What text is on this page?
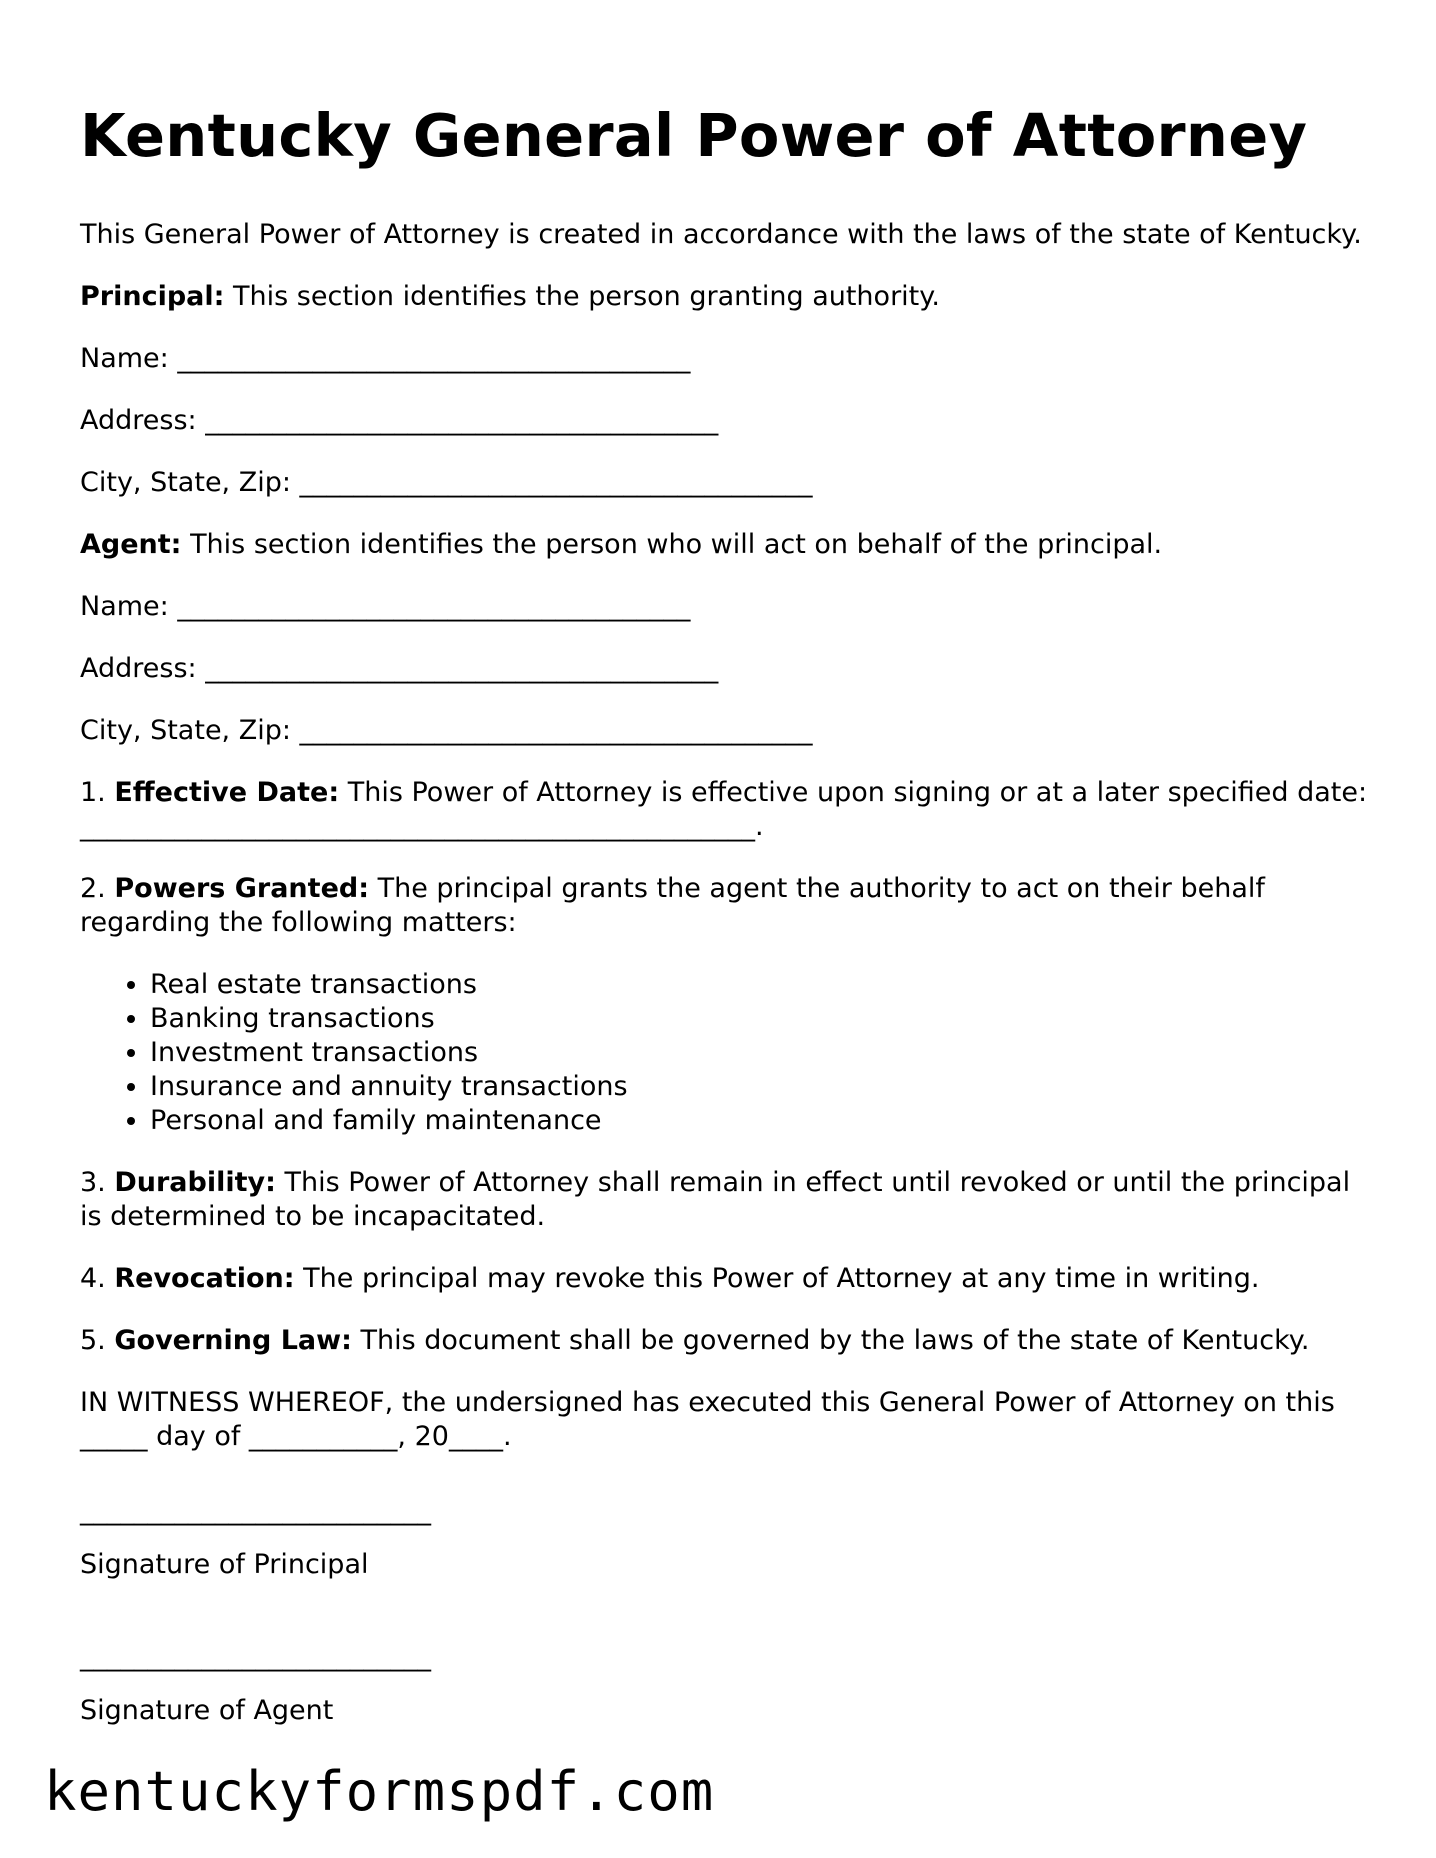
Kentucky General Power of Attorney

This General Power of Attorney is created in accordance with the laws of the state of Kentucky.

Principal: This section identifies the person granting authority.

Name: ______________________________________

Address: ______________________________________

City, State, Zip: ______________________________________

Agent: This section identifies the person who will act on behalf of the principal.

Name: ______________________________________

Address: ______________________________________

City, State, Zip: ______________________________________

1. Effective Date: This Power of Attorney is effective upon signing or at a later specified date: __________________________________________________.

2. Powers Granted: The principal grants the agent the authority to act on their behalf regarding the following matters:

• Real estate transactions
• Banking transactions
• Investment transactions
• Insurance and annuity transactions
• Personal and family maintenance

3. Durability: This Power of Attorney shall remain in effect until revoked or until the principal is determined to be incapacitated.

4. Revocation: The principal may revoke this Power of Attorney at any time in writing.

5. Governing Law: This document shall be governed by the laws of the state of Kentucky.

IN WITNESS WHEREOF, the undersigned has executed this General Power of Attorney on this _____ day of ___________, 20____.

__________________________
Signature of Principal
__________________________
Signature of Agent
kentuckyformspdf.com
